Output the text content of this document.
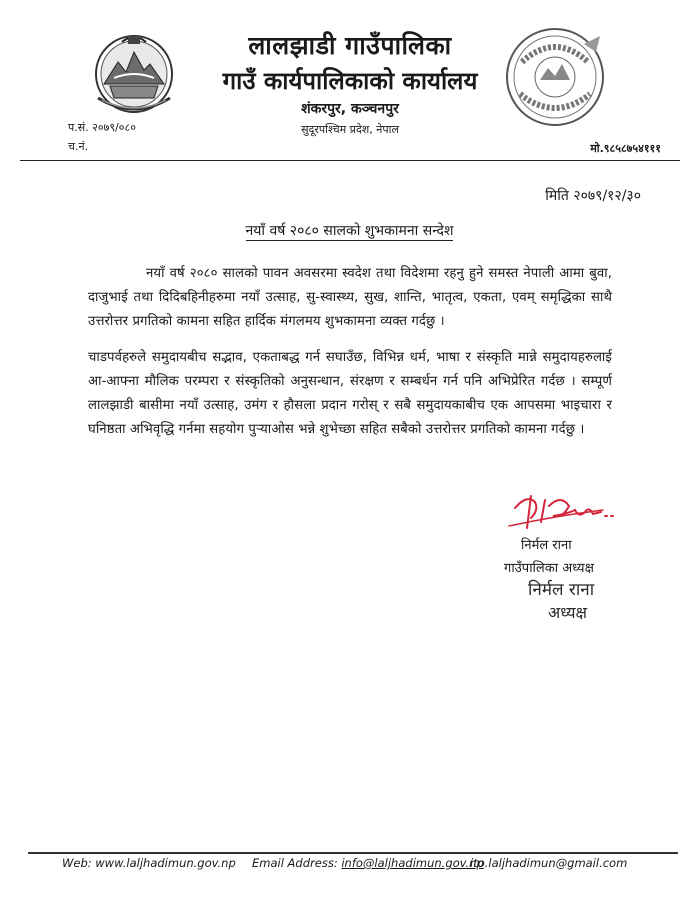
लालझाडी गाउँपालिका
गाउँ कार्यपालिकाको कार्यालय
शंकरपुर, कञ्चनपुर
सुदूरपश्चिम प्रदेश, नेपाल
प.सं. २०७९/०८०
च.नं.	मो.९८५८७५४१११
मिति २०७९/१२/३०
नयाँ वर्ष २०८० सालको शुभकामना सन्देश
नयाँ वर्ष २०८० सालको पावन अवसरमा स्वदेश तथा विदेशमा रहनु हुने समस्त नेपाली आमा बुवा, दाजुभाई तथा दिदिबहिनीहरुमा नयाँ उत्साह, सु-स्वास्थ्य, सुख, शान्ति, भातृत्व, एकता, एवम् समृद्धिका साथै उत्तरोत्तर प्रगतिको कामना सहित हार्दिक मंगलमय शुभकामना व्यक्त गर्दछु ।
चाडपर्वहरुले समुदायबीच सद्भाव, एकताबद्ध गर्न सघाउँछ, विभिन्न धर्म, भाषा र संस्कृति मान्ने समुदायहरुलाई आ-आफ्ना मौलिक परम्परा र संस्कृतिको अनुसन्धान, संरक्षण र सम्बर्धन गर्न पनि अभिप्रेरित गर्दछ । सम्पूर्ण लालझाडी बासीमा नयाँ उत्साह, उमंग र हौसला प्रदान गरोस् र सबै समुदायकाबीच एक आपसमा भाइचारा र घनिष्ठता अभिवृद्धि गर्नमा सहयोग पुऱ्याओस भन्ने शुभेच्छा सहित सबैको उत्तरोत्तर प्रगतिको कामना गर्दछु ।
निर्मल राना
गाउँपालिका अध्यक्ष
निर्मल राना
अध्यक्ष
Web: www.laljhadimun.gov.np Email Address: info@laljhadimun.gov.np
ito.laljhadimun@gmail.com
